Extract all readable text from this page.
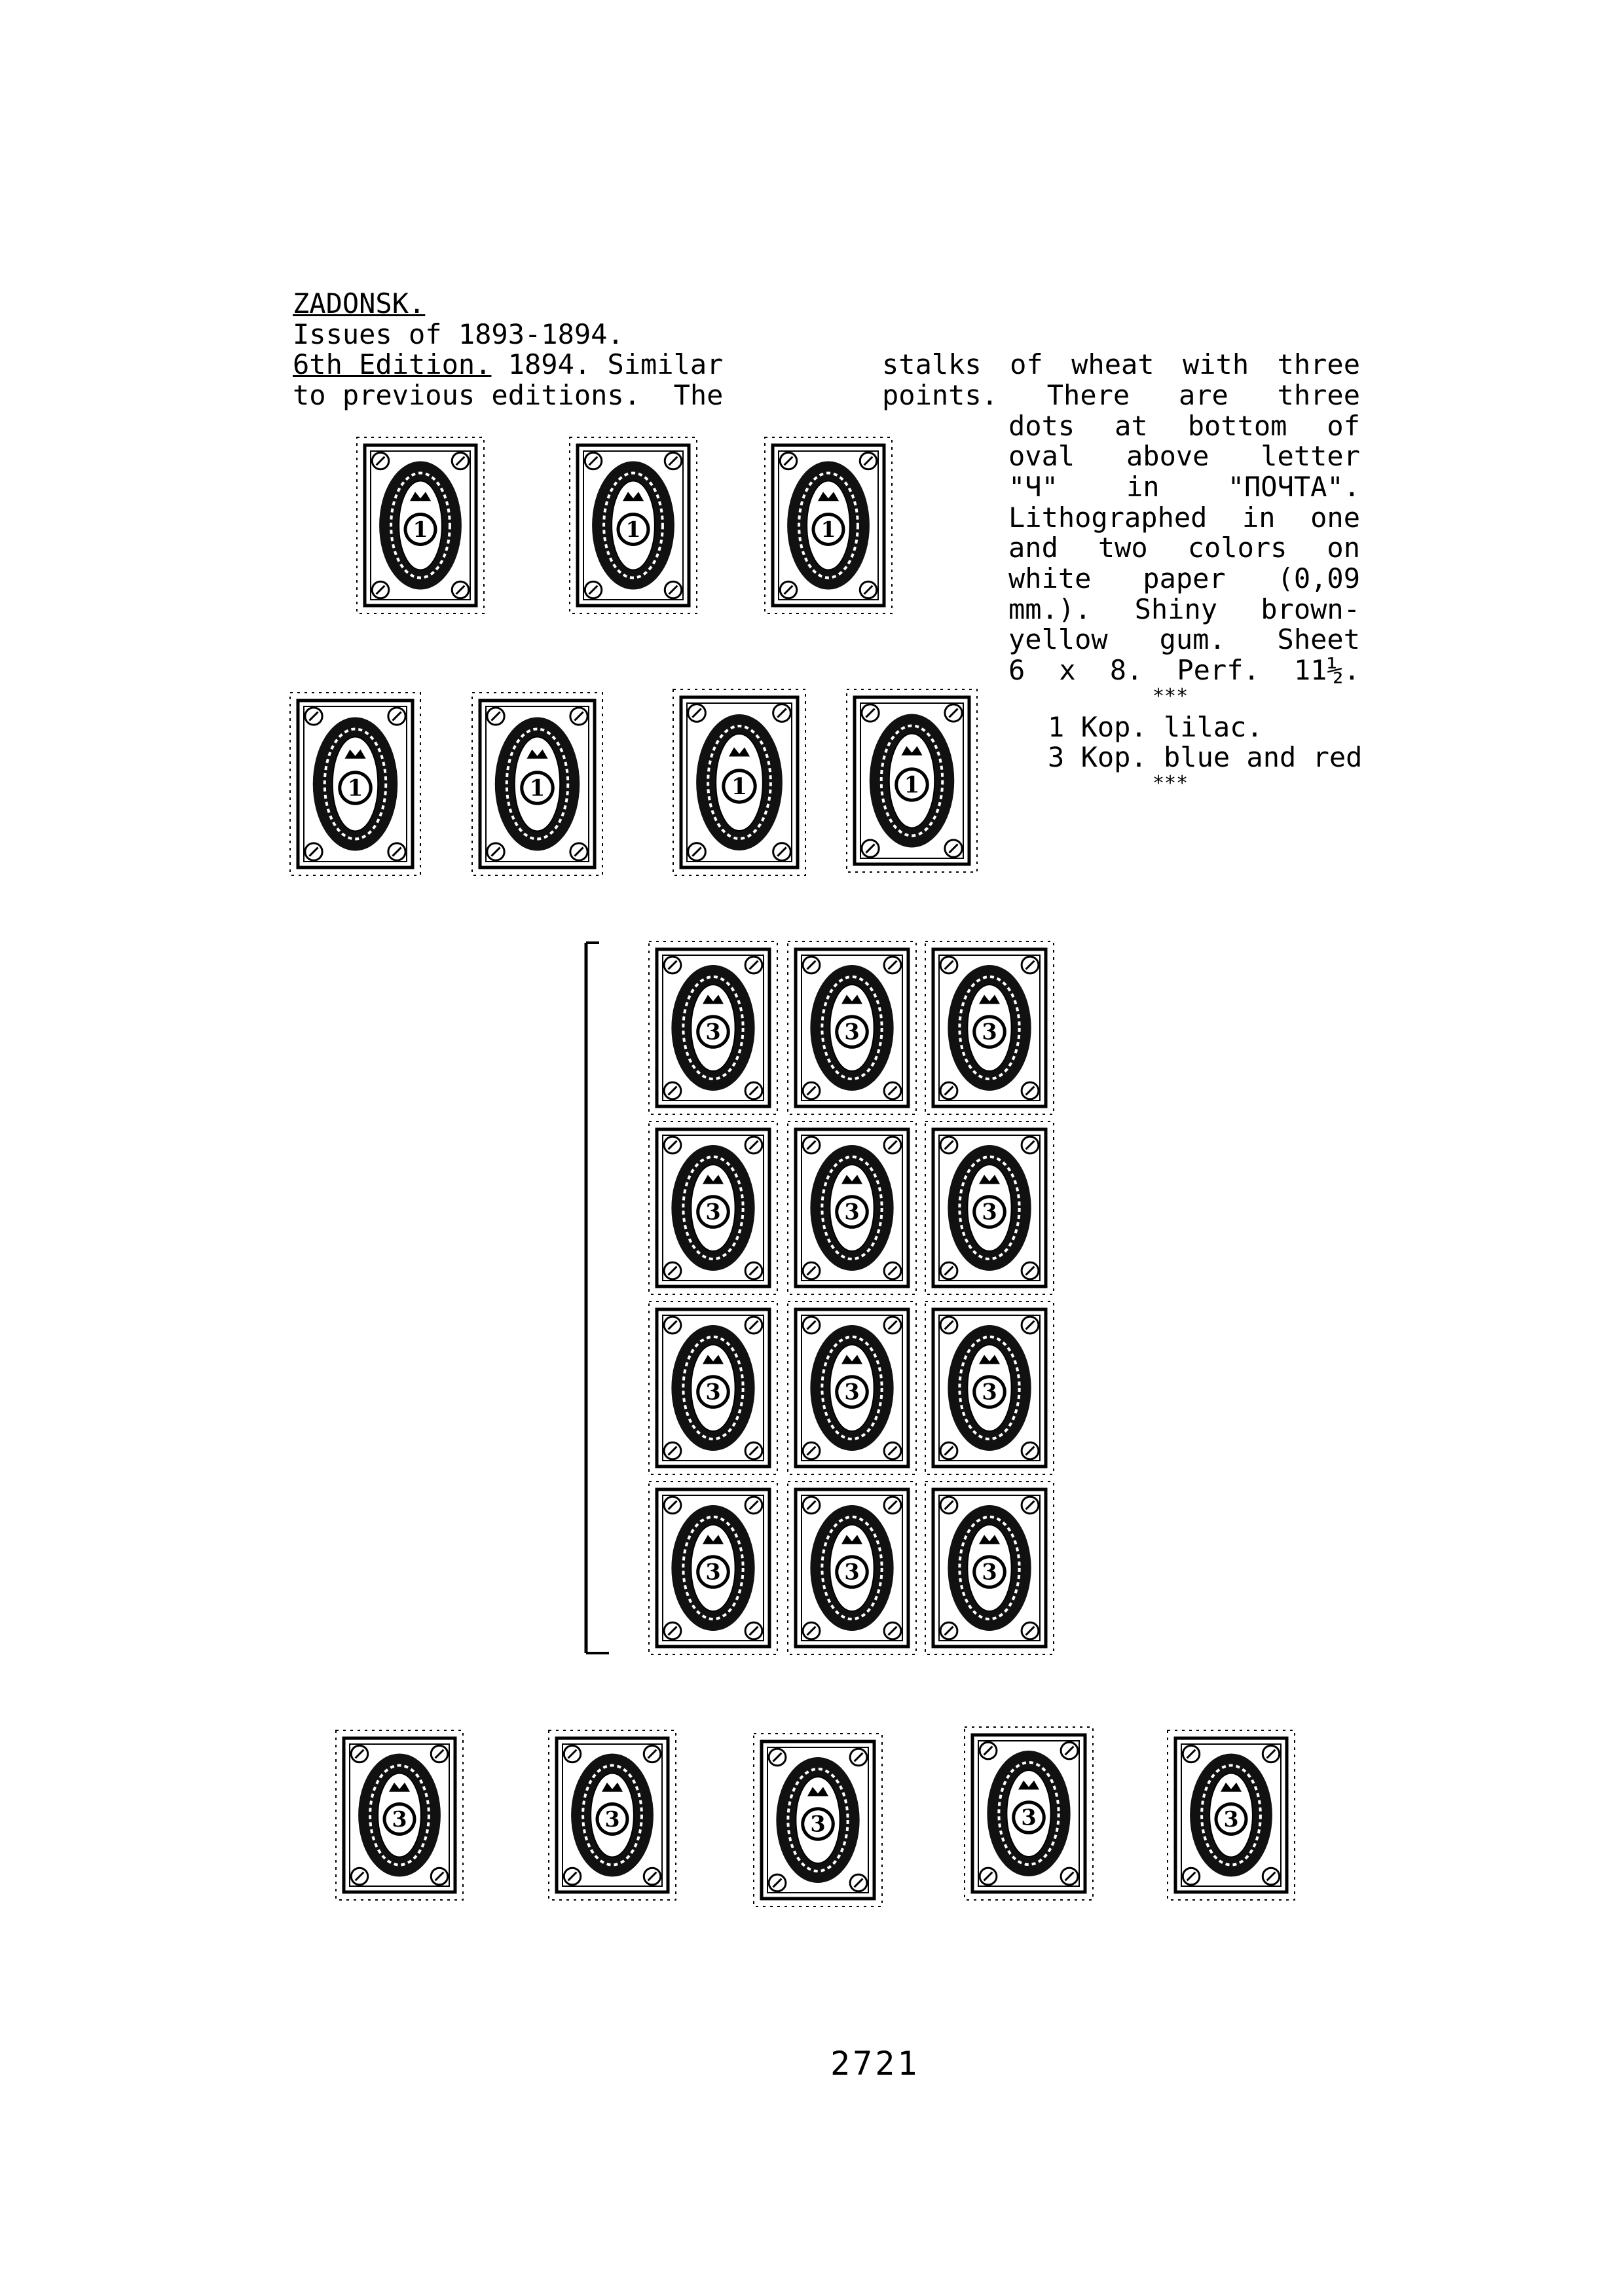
ZADONSK.
Issues of 1893-1894.
6th Edition. 1894. Similar
to previous editions.  The
stalks of wheat with three
points. There are three
dots at bottom of
oval above letter
"Ч" in "ПОЧТА".
Lithographed in one
and two colors on
white paper (0,09
mm.). Shiny brown-
yellow gum. Sheet
6 x 8. Perf. 11½.
***
1 Kop. lilac.
3 Kop. blue and red
***
1	1	1
1	1	1	1
3	3	3
3	3	3
3	3	3
3	3	3
3	3	3	3	3
2721
